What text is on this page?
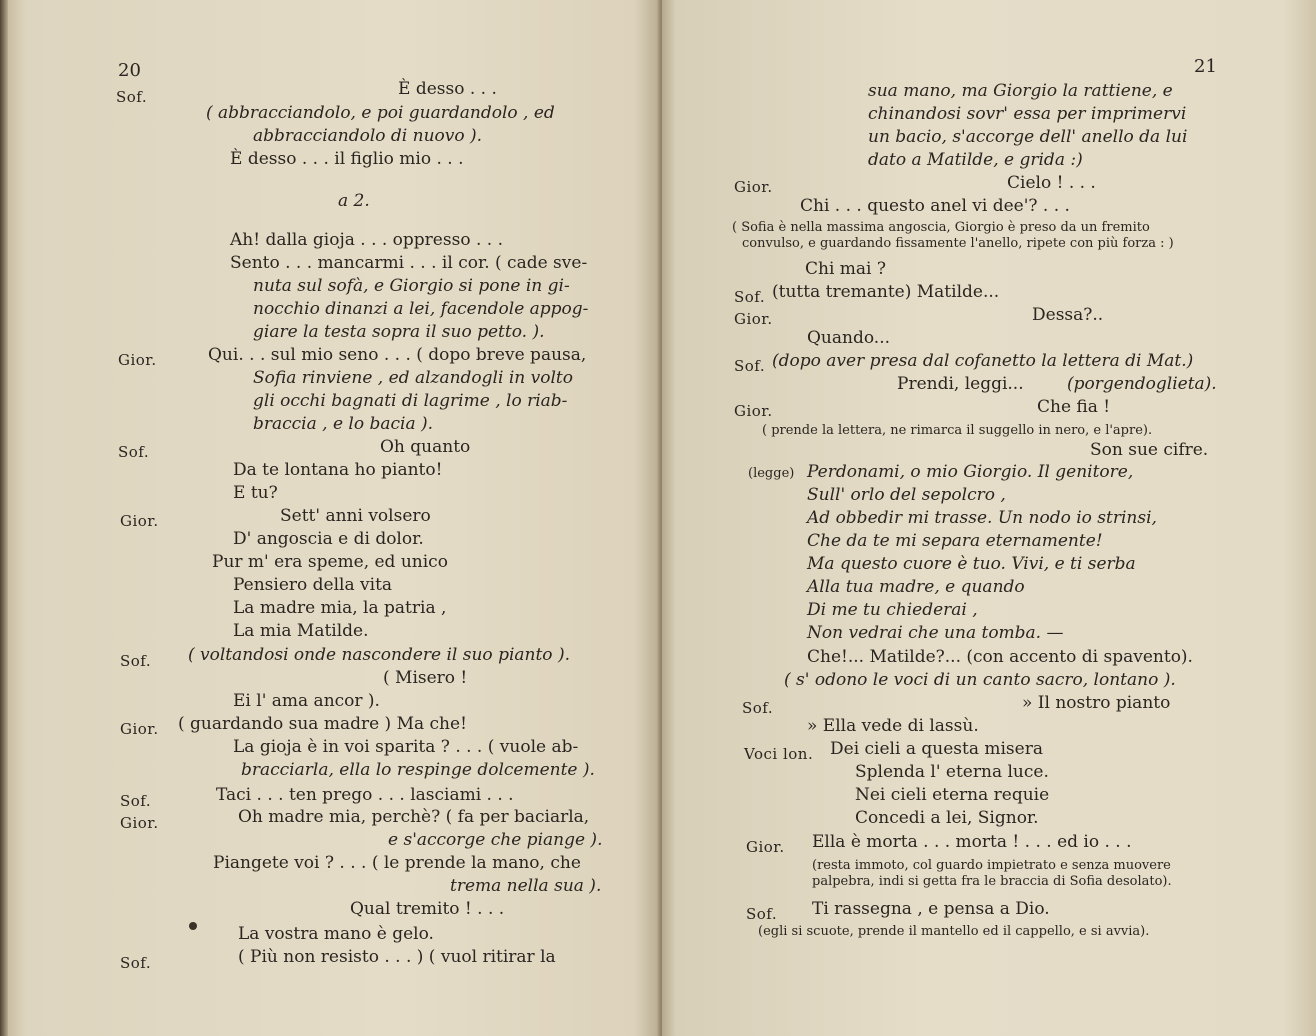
20
Sof.	È desso . . .
( abbracciandolo, e poi guardandolo , ed
abbracciandolo di nuovo ).
È desso . . . il figlio mio . . .
a 2.
Ah! dalla gioja . . . oppresso . . .
Sento . . . mancarmi . . . il cor. ( cade sve-
nuta sul sofà, e Giorgio si pone in gi-
nocchio dinanzi a lei, facendole appog-
giare la testa sopra il suo petto. ).
Gior.	Qui. . . sul mio seno . . . ( dopo breve pausa,
Sofia rinviene , ed alzandogli in volto
gli occhi bagnati di lagrime , lo riab-
braccia , e lo bacia ).
Sof.	Oh quanto
Da te lontana ho pianto!
E tu?
Gior.	Sett' anni volsero
D' angoscia e di dolor.
Pur m' era speme, ed unico
Pensiero della vita
La madre mia, la patria ,
La mia Matilde.
Sof. ( voltandosi onde nascondere il suo pianto ).
( Misero !
Ei l' ama ancor ).
Gior. ( guardando sua madre ) Ma che!
La gioja è in voi sparita ? . . . ( vuole ab-
bracciarla, ella lo respinge dolcemente ).
Sof.	Taci . . . ten prego . . . lasciami . . .
Gior.	Oh madre mia, perchè? ( fa per baciarla,
e s'accorge che piange ).
Piangete voi ? . . . ( le prende la mano, che
trema nella sua ).
Qual tremito ! . . .
La vostra mano è gelo.
Sof.	( Più non resisto . . . ) ( vuol ritirar la
21
sua mano, ma Giorgio la rattiene, e
chinandosi sovr' essa per imprimervi
un bacio, s'accorge dell' anello da lui
dato a Matilde, e grida :)
Gior.	Cielo ! . . .
Chi . . . questo anel vi dee'? . . .
( Sofia è nella massima angoscia, Giorgio è preso da un fremito
convulso, e guardando fissamente l'anello, ripete con più forza : )
Chi mai ?
Sof. (tutta tremante) Matilde...
Gior.	Dessa?..
Quando...
Sof. (dopo aver presa dal cofanetto la lettera di Mat.)
Prendi, leggi...	(porgendoglieta).
Gior.	Che fia !
( prende la lettera, ne rimarca il suggello in nero, e l'apre).
Son sue cifre.
(legge) Perdonami, o mio Giorgio. Il genitore,
Sull' orlo del sepolcro ,
Ad obbedir mi trasse. Un nodo io strinsi,
Che da te mi separa eternamente!
Ma questo cuore è tuo. Vivi, e ti serba
Alla tua madre, e quando
Di me tu chiederai ,
Non vedrai che una tomba. —
Che!... Matilde?... (con accento di spavento).
( s' odono le voci di un canto sacro, lontano ).
Sof.	» Il nostro pianto
» Ella vede di lassù.
Voci lon. Dei cieli a questa misera
Splenda l' eterna luce.
Nei cieli eterna requie
Concedi a lei, Signor.
Gior. Ella è morta . . . morta ! . . . ed io . . .
(resta immoto, col guardo impietrato e senza muovere
palpebra, indi si getta fra le braccia di Sofia desolato).
Sof. Ti rassegna , e pensa a Dio.
(egli si scuote, prende il mantello ed il cappello, e si avvia).
